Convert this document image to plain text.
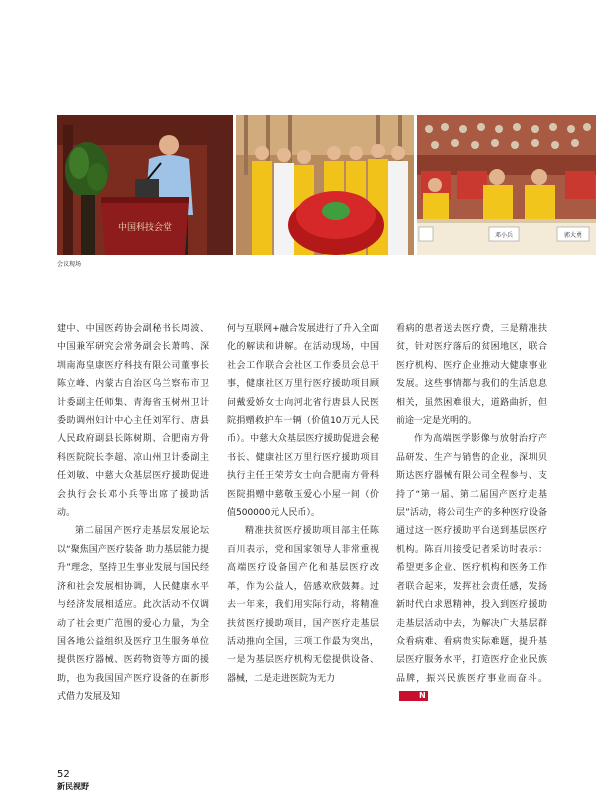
中国科技会堂
邓小兵	郭大勇
会议现场

建中、中国医药协会副秘书长周波、中国兼军研究会常务副会长萧鸣、深圳南海皇康医疗科技有限公司董事长陈立峰、内蒙古自治区乌兰察布市卫计委副主任师集、青海省玉树州卫计委助调州妇计中心主任刘军行、唐县人民政府副县长陈树期、合肥南方骨科医院院长李超、凉山州卫计委副主任刘敏、中慈大众基层医疗援助促进会执行会长邓小兵等出席了援助活动。

第二届国产医疗走基层发展论坛以“聚焦国产医疗装备 助力基层能力提升”理念，坚持卫生事业发展与国民经济和社会发展相协调，人民健康水平与经济发展相适应。此次活动不仅调动了社会更广范围的爱心力量，为全国各地公益组织及医疗卫生服务单位提供医疗器械、医药物资等方面的援助，也为我国国产医疗设备的在新形式借力发展及知

何与互联网+融合发展进行了升入全面化的解读和讲解。在活动现场，中国社会工作联合会社区工作委员会总干事，健康社区万里行医疗援助项目顾问戴爱娇女士向河北省行唐县人民医院捐赠救护车一辆（价值10万元人民币）。中慈大众基层医疗援助促进会秘书长、健康社区万里行医疗援助项目执行主任王荣芳女士向合肥南方骨科医院捐赠中慈敬玉爱心小屋一间（价值500000元人民币）。

精准扶贫医疗援助项目部主任陈百川表示，党和国家领导人非常重视高端医疗设备国产化和基层医疗改革，作为公益人，倍感欢欣鼓舞。过去一年来，我们用实际行动，将精准扶贫医疗援助项目，国产医疗走基层活动推向全国，三项工作最为突出，一是为基层医疗机构无偿提供设备、器械，二是走进医院为无力

看病的患者送去医疗费，三是精准扶贫，针对医疗落后的贫困地区，联合医疗机构、医疗企业推动大健康事业发展。这些事情都与我们的生活息息相关，虽然困难很大，道路曲折，但前途一定是光明的。

作为高端医学影像与放射治疗产品研发、生产与销售的企业，深圳贝斯达医疗器械有限公司全程参与、支持了“第一届、第二届国产医疗走基层”活动，将公司生产的多种医疗设备通过这一医疗援助平台送到基层医疗机构。陈百川接受记者采访时表示：希望更多企业、医疗机构和医务工作者联合起来，发挥社会责任感，发扬新时代白求恩精神，投入到医疗援助走基层活动中去，为解决广大基层群众看病难、看病贵实际难题，提升基层医疗服务水平，打造医疗企业民族品牌，振兴民族医疗事业而奋斗。N

52
新民视野
